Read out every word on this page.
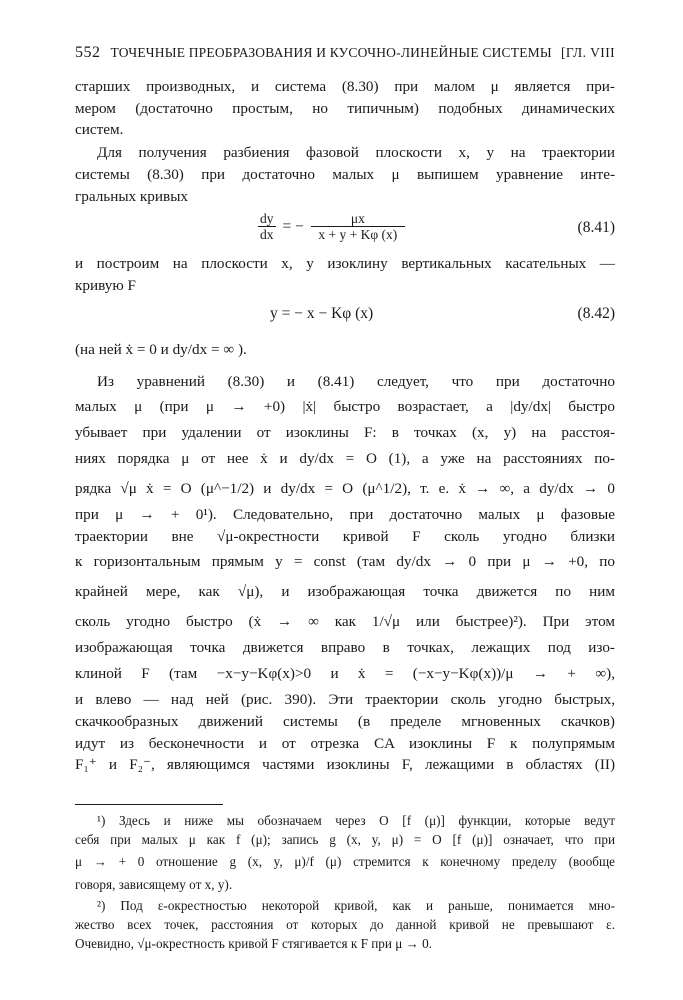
552 ТОЧЕЧНЫЕ ПРЕОБРАЗОВАНИЯ И КУСОЧНО-ЛИНЕЙНЫЕ СИСТЕМЫ [ГЛ. VIII
старших производных, и система (8.30) при малом μ является при-
мером (достаточно простым, но типичным) подобных динамических
систем.
Для получения разбиения фазовой плоскости x, y на траектории
системы (8.30) при достаточно малых μ выпишем уравнение инте-
гральных кривых
$\frac{dy}{dx}$ = − $\frac{\mu x}{x + y + K\varphi (x)}$	(8.41)
и построим на плоскости x, y изоклину вертикальных касательных —
кривую F
y = − x − Kφ (x)	(8.42)
(на ней ẋ = 0 и dy/dx = ∞ ).
Из уравнений (8.30) и (8.41) следует, что при достаточно
малых μ (при μ → +0) |ẋ| быстро возрастает, а |dy/dx| быстро
убывает при удалении от изоклины F: в точках (x, y) на расстоя-
ниях порядка μ от нее ẋ и dy/dx = O (1), а уже на расстояниях по-
рядка √μ ẋ = O (μ^−1/2) и dy/dx = O (μ^1/2), т. е. ẋ → ∞, а dy/dx → 0
при μ → + 0¹). Следовательно, при достаточно малых μ фазовые
траектории вне √μ-окрестности кривой F сколь угодно близки
к горизонтальным прямым y = const (там dy/dx → 0 при μ → +0, по
крайней мере, как √μ), и изображающая точка движется по ним
сколь угодно быстро (ẋ → ∞ как 1/√μ или быстрее)²). При этом
изображающая точка движется вправо в точках, лежащих под изо-
клиной F (там −x−y−Kφ(x)>0 и ẋ = (−x−y−Kφ(x))/μ → + ∞),
и влево — над ней (рис. 390). Эти траектории сколь угодно быстрых,
скачкообразных движений системы (в пределе мгновенных скачков)
идут из бесконечности и от отрезка CA изоклины F к полупрямым
F₁⁺ и F₂⁻, являющимся частями изоклины F, лежащими в областях (II)
¹) Здесь и ниже мы обозначаем через O [f (μ)] функции, которые ведут
себя при малых μ как f (μ); запись g (x, y, μ) = O [f (μ)] означает, что при
μ → + 0 отношение g (x, y, μ)/f (μ) стремится к конечному пределу (вообще
говоря, зависящему от x, y).
²) Под ε-окрестностью некоторой кривой, как и раньше, понимается мно-
жество всех точек, расстояния от которых до данной кривой не превышают ε.
Очевидно, √μ-окрестность кривой F стягивается к F при μ → 0.
